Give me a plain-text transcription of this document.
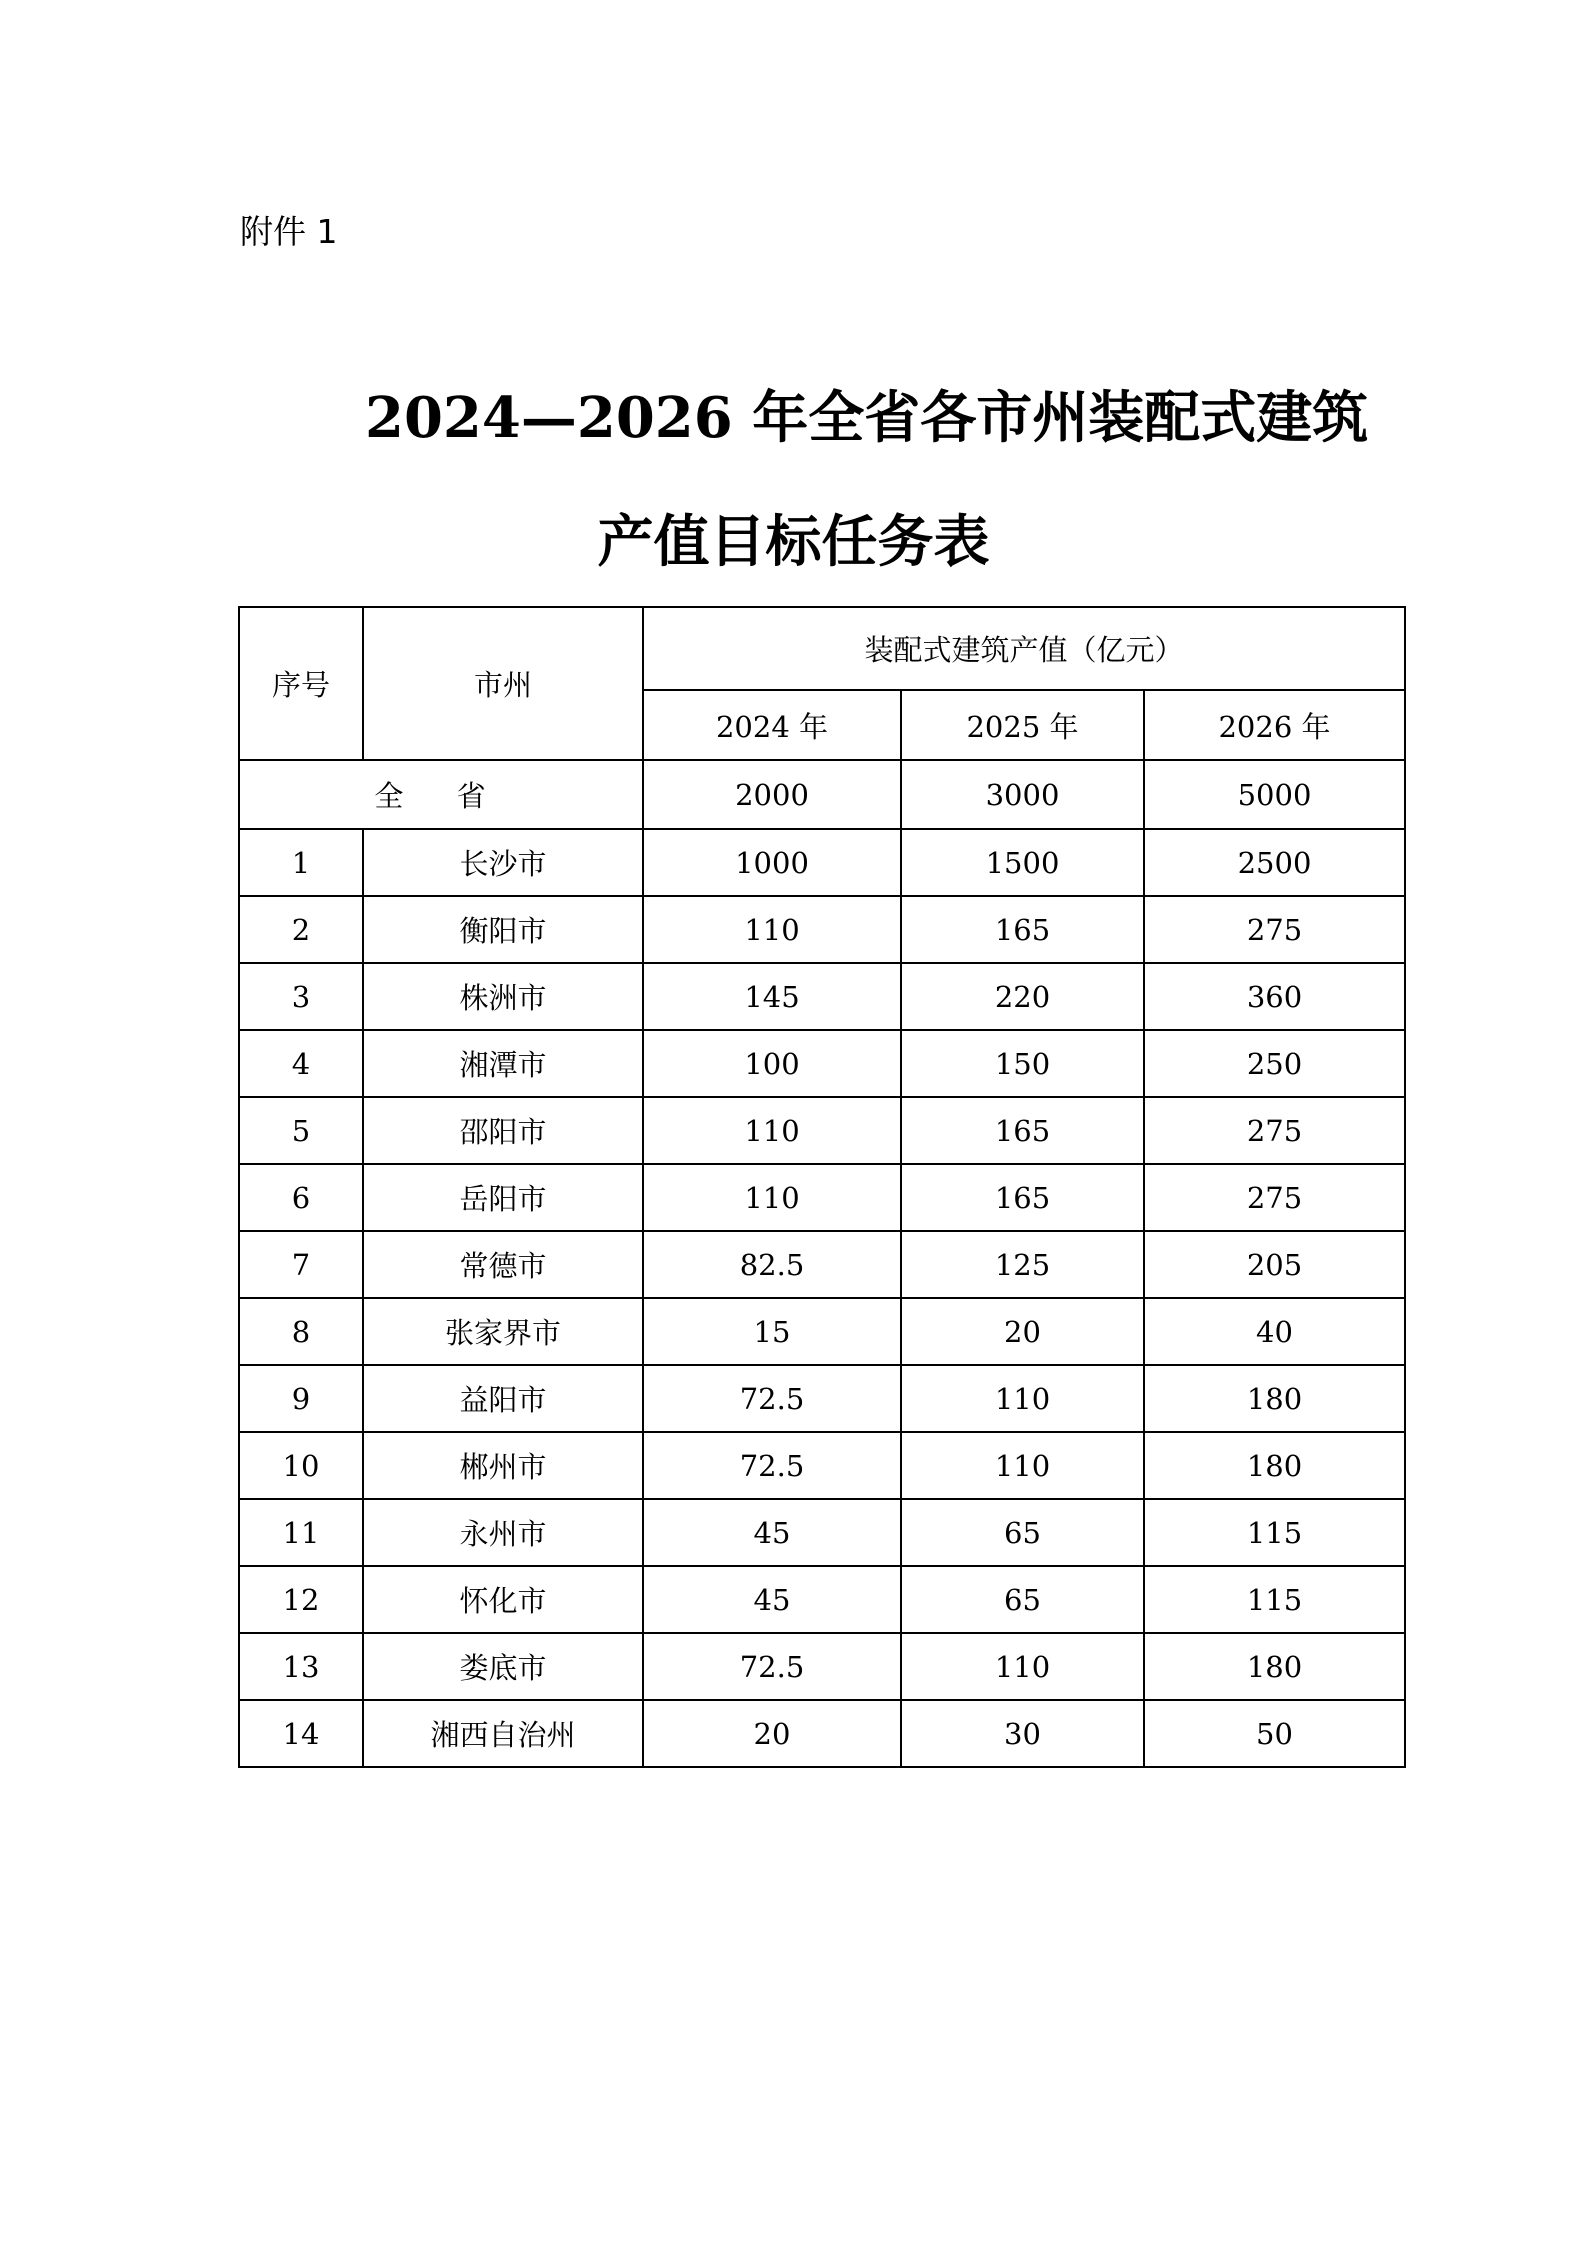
附件 1
2024—2026 年全省各市州装配式建筑
产值目标任务表
序号	市州	装配式建筑产值（亿元）		
		2024 年	2025 年	2026 年
全 省		2000	3000	5000
1	长沙市	1000	1500	2500
2	衡阳市	110	165	275
3	株洲市	145	220	360
4	湘潭市	100	150	250
5	邵阳市	110	165	275
6	岳阳市	110	165	275
7	常德市	82.5	125	205
8	张家界市	15	20	40
9	益阳市	72.5	110	180
10	郴州市	72.5	110	180
11	永州市	45	65	115
12	怀化市	45	65	115
13	娄底市	72.5	110	180
14	湘西自治州	20	30	50
